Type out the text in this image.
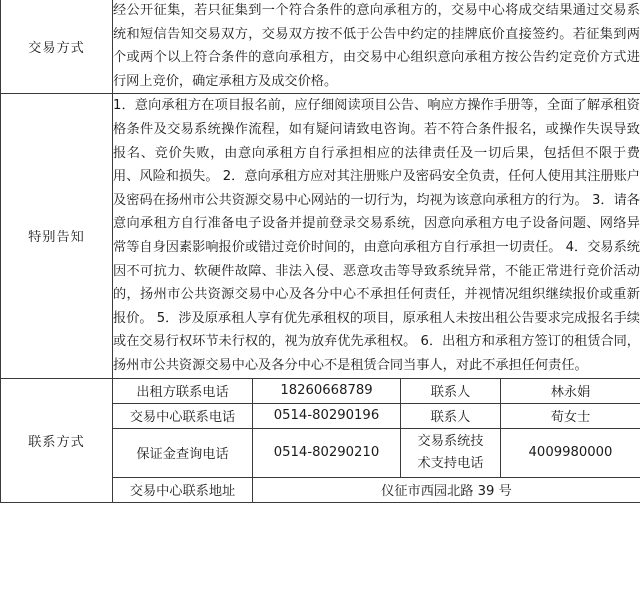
交易方式	经公开征集，若只征集到一个符合条件的意向承租方的，交易中心将成交结果通过交易系统和短信告知交易双方，交易双方按不低于公告中约定的挂牌底价直接签约。若征集到两个或两个以上符合条件的意向承租方，由交易中心组织意向承租方按公告约定竞价方式进行网上竞价，确定承租方及成交价格。			

特别告知	1．意向承租方在项目报名前，应仔细阅读项目公告、响应方操作手册等，全面了解承租资格条件及交易系统操作流程，如有疑问请致电咨询。若不符合条件报名，或操作失误导致报名、竞价失败，由意向承租方自行承担相应的法律责任及一切后果，包括但不限于费用、风险和损失。 2．意向承租方应对其注册账户及密码安全负责，任何人使用其注册账户及密码在扬州市公共资源交易中心网站的一切行为，均视为该意向承租方的行为。 3．请各意向承租方自行准备电子设备并提前登录交易系统，因意向承租方电子设备问题、网络异常等自身因素影响报价或错过竞价时间的，由意向承租方自行承担一切责任。 4．交易系统因不可抗力、软硬件故障、非法入侵、恶意攻击等导致系统异常，不能正常进行竞价活动的，扬州市公共资源交易中心及各分中心不承担任何责任，并视情况组织继续报价或重新报价。 5．涉及原承租人享有优先承租权的项目，原承租人未按出租公告要求完成报名手续或在交易行权环节未行权的，视为放弃优先承租权。 6．出租方和承租方签订的租赁合同，扬州市公共资源交易中心及各分中心不是租赁合同当事人，对此不承担任何责任。			

联系方式	出租方联系电话	18260668789	联系人	林永娟
	交易中心联系电话	0514-80290196	联系人	荀女士
	保证金查询电话	0514-80290210	交易系统技术支持电话	4009980000
	交易中心联系地址	仪征市西园北路 39 号		
